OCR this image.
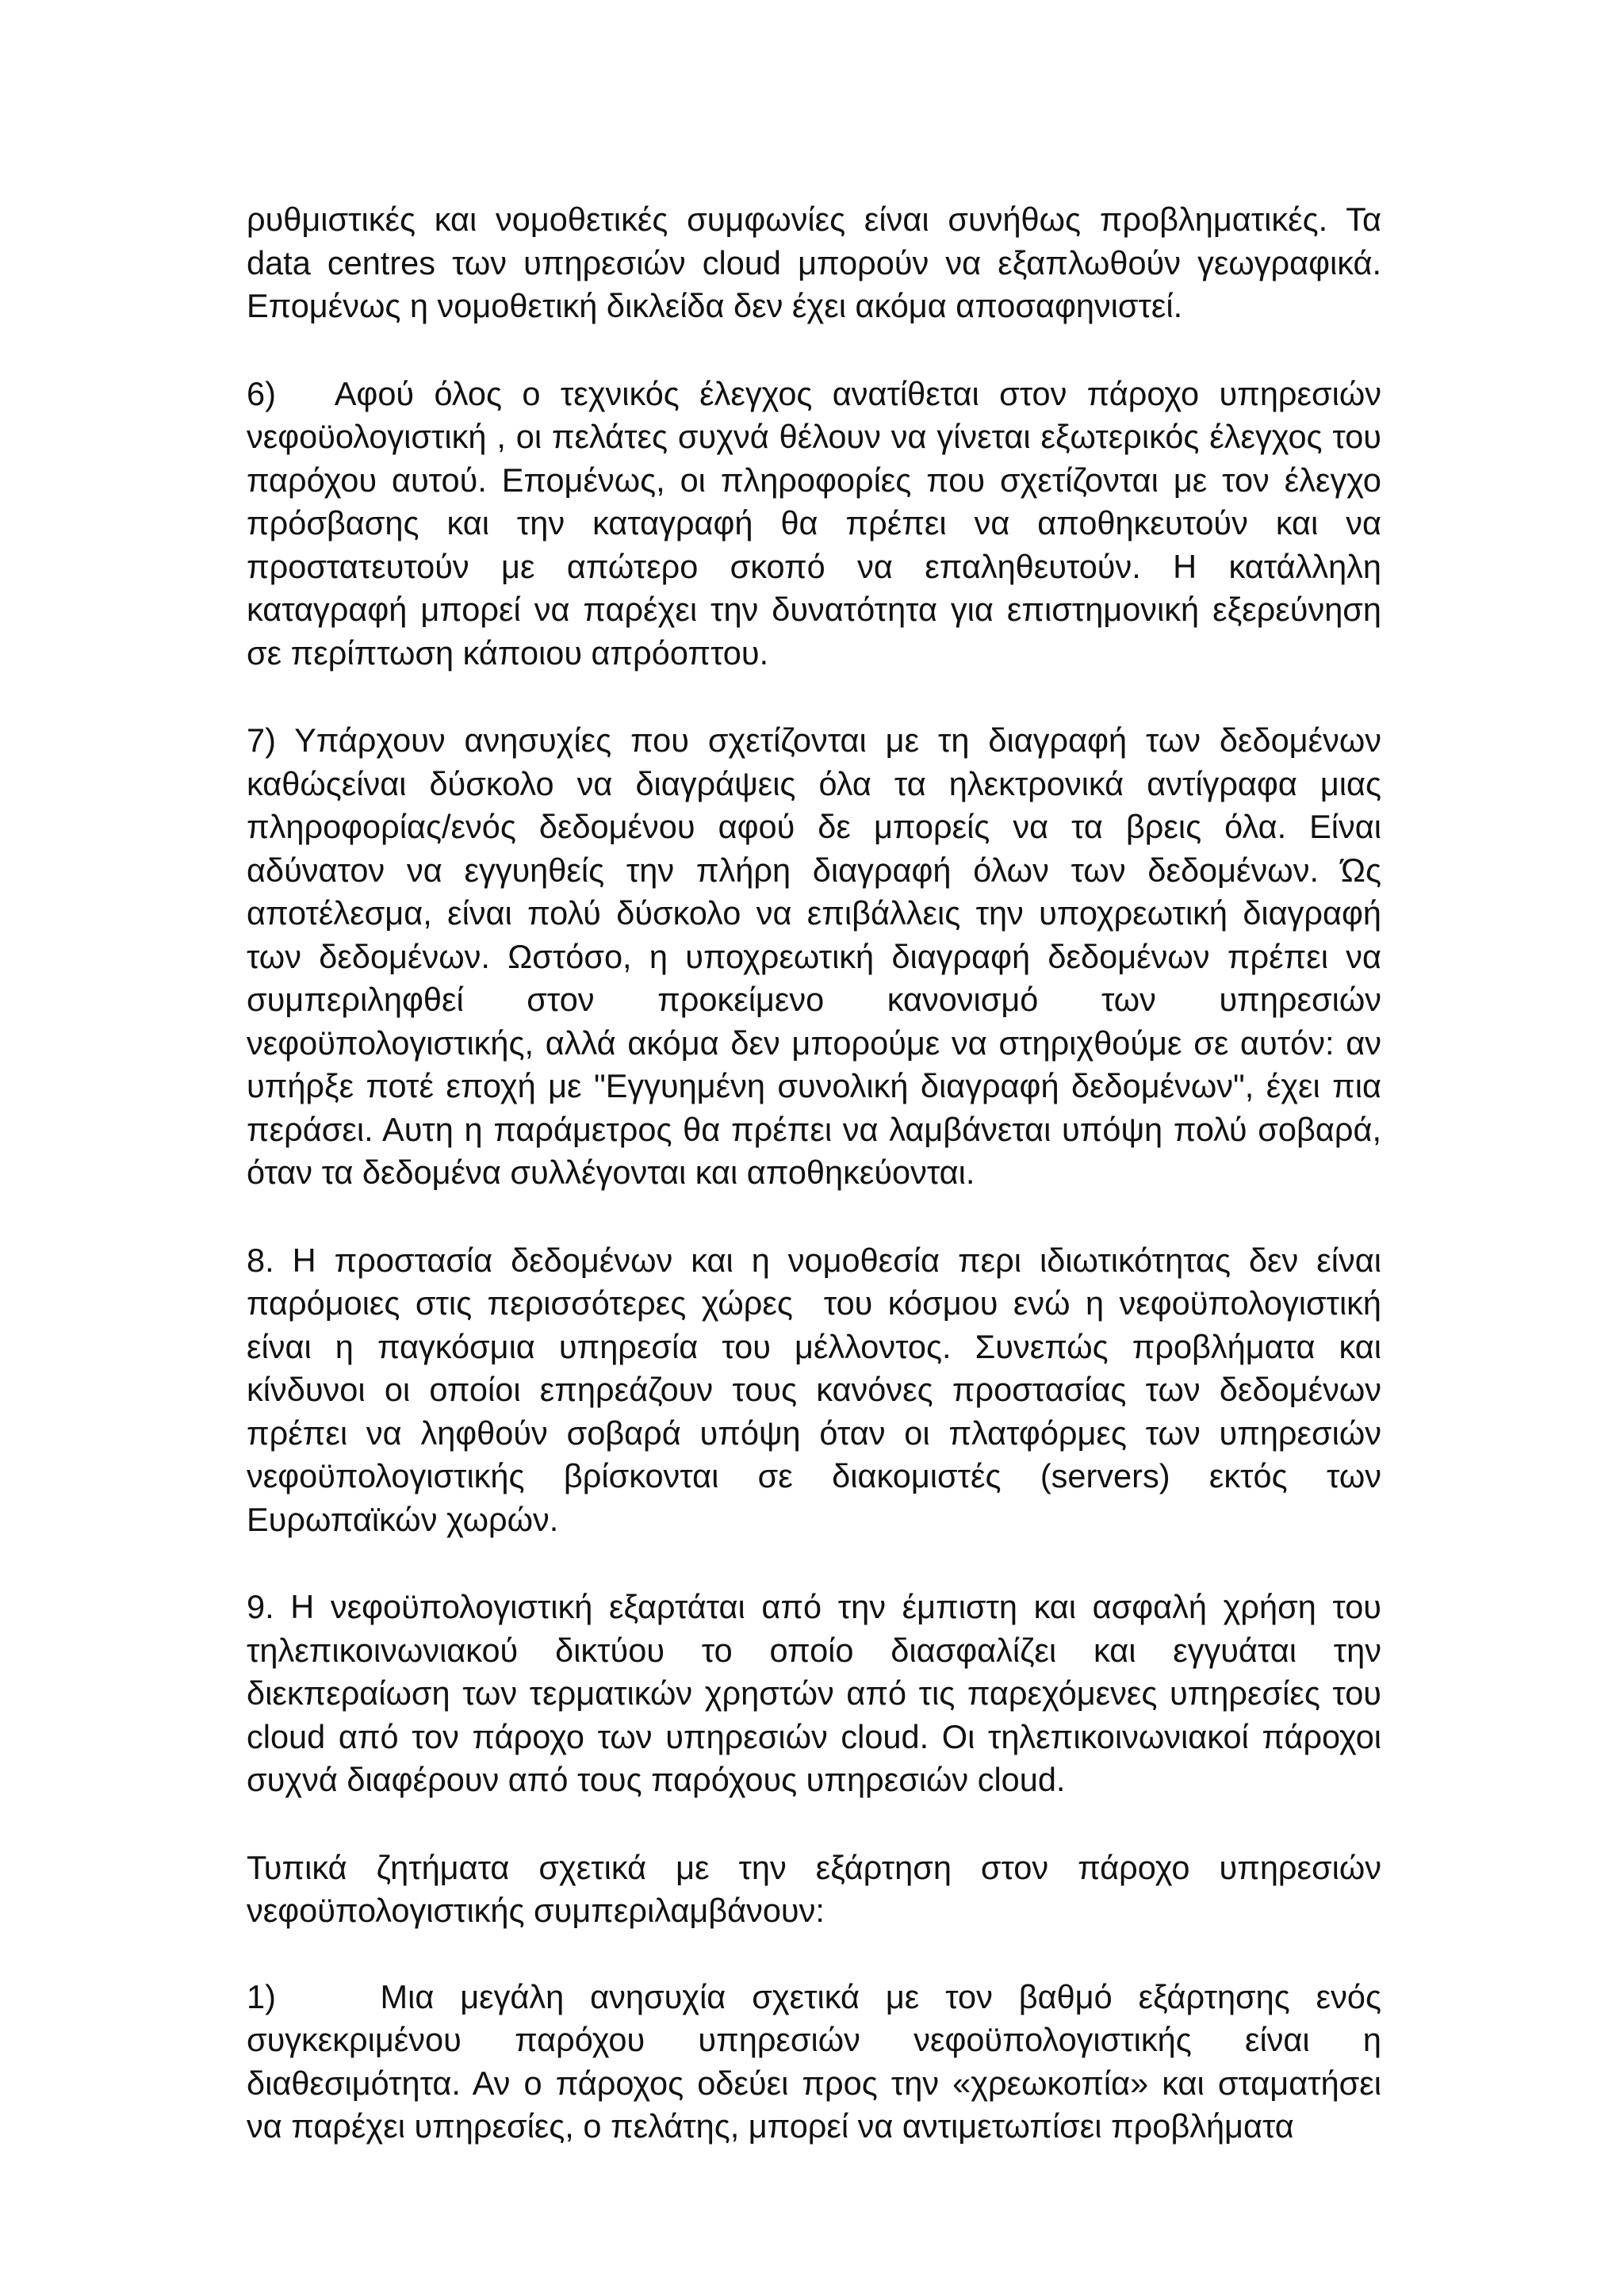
ρυθμιστικές και νομοθετικές συμφωνίες είναι συνήθως προβληματικές. Τα data centres των υπηρεσιών cloud μπορούν να εξαπλωθούν γεωγραφικά. Επομένως η νομοθετική δικλείδα δεν έχει ακόμα αποσαφηνιστεί.

6)   Αφού όλος ο τεχνικός έλεγχος ανατίθεται στον πάροχο υπηρεσιών νεφοϋολογιστική , οι πελάτες συχνά θέλουν να γίνεται εξωτερικός έλεγχος του παρόχου αυτού. Επομένως, οι πληροφορίες που σχετίζονται με τον έλεγχο πρόσβασης και την καταγραφή θα πρέπει να αποθηκευτούν και να προστατευτούν με απώτερο σκοπό να επαληθευτούν. Η κατάλληλη καταγραφή μπορεί να παρέχει την δυνατότητα για επιστημονική εξερεύνηση σε περίπτωση κάποιου απρόοπτου.

7) Υπάρχουν ανησυχίες που σχετίζονται με τη διαγραφή των δεδομένων καθώςείναι δύσκολο να διαγράψεις όλα τα ηλεκτρονικά αντίγραφα μιας πληροφορίας/ενός δεδομένου αφού δε μπορείς να τα βρεις όλα. Είναι αδύνατον να εγγυηθείς την πλήρη διαγραφή όλων των δεδομένων. Ώς αποτέλεσμα, είναι πολύ δύσκολο να επιβάλλεις την υποχρεωτική διαγραφή των δεδομένων. Ωστόσο, η υποχρεωτική διαγραφή δεδομένων πρέπει να συμπεριληφθεί στον προκείμενο κανονισμό των υπηρεσιών νεφοϋπολογιστικής, αλλά ακόμα δεν μπορούμε να στηριχθούμε σε αυτόν: αν υπήρξε ποτέ εποχή με "Εγγυημένη συνολική διαγραφή δεδομένων", έχει πια περάσει. Αυτη η παράμετρος θα πρέπει να λαμβάνεται υπόψη πολύ σοβαρά, όταν τα δεδομένα συλλέγονται και αποθηκεύονται.

8. Η προστασία δεδομένων και η νομοθεσία περι ιδιωτικότητας δεν είναι παρόμοιες στις περισσότερες χώρες  του κόσμου ενώ η νεφοϋπολογιστική είναι η παγκόσμια υπηρεσία του μέλλοντος. Συνεπώς προβλήματα και κίνδυνοι οι οποίοι επηρεάζουν τους κανόνες προστασίας των δεδομένων πρέπει να ληφθούν σοβαρά υπόψη όταν οι πλατφόρμες των υπηρεσιών νεφοϋπολογιστικής βρίσκονται σε διακομιστές (servers) εκτός των Ευρωπαϊκών χωρών.

9. Η νεφοϋπολογιστική εξαρτάται από την έμπιστη και ασφαλή χρήση του τηλεπικοινωνιακού δικτύου το οποίο διασφαλίζει και εγγυάται την διεκπεραίωση των τερματικών χρηστών από τις παρεχόμενες υπηρεσίες του cloud από τον πάροχο των υπηρεσιών cloud. Οι τηλεπικοινωνιακοί πάροχοι συχνά διαφέρουν από τους παρόχους υπηρεσιών cloud.

Τυπικά ζητήματα σχετικά με την εξάρτηση στον πάροχο υπηρεσιών νεφοϋπολογιστικής συμπεριλαμβάνουν:

1)    Μια μεγάλη ανησυχία σχετικά με τον βαθμό εξάρτησης ενός συγκεκριμένου παρόχου υπηρεσιών νεφοϋπολογιστικής είναι η διαθεσιμότητα. Αν ο πάροχος οδεύει προς την «χρεωκοπία» και σταματήσει να παρέχει υπηρεσίες, ο πελάτης, μπορεί να αντιμετωπίσει προβλήματα
